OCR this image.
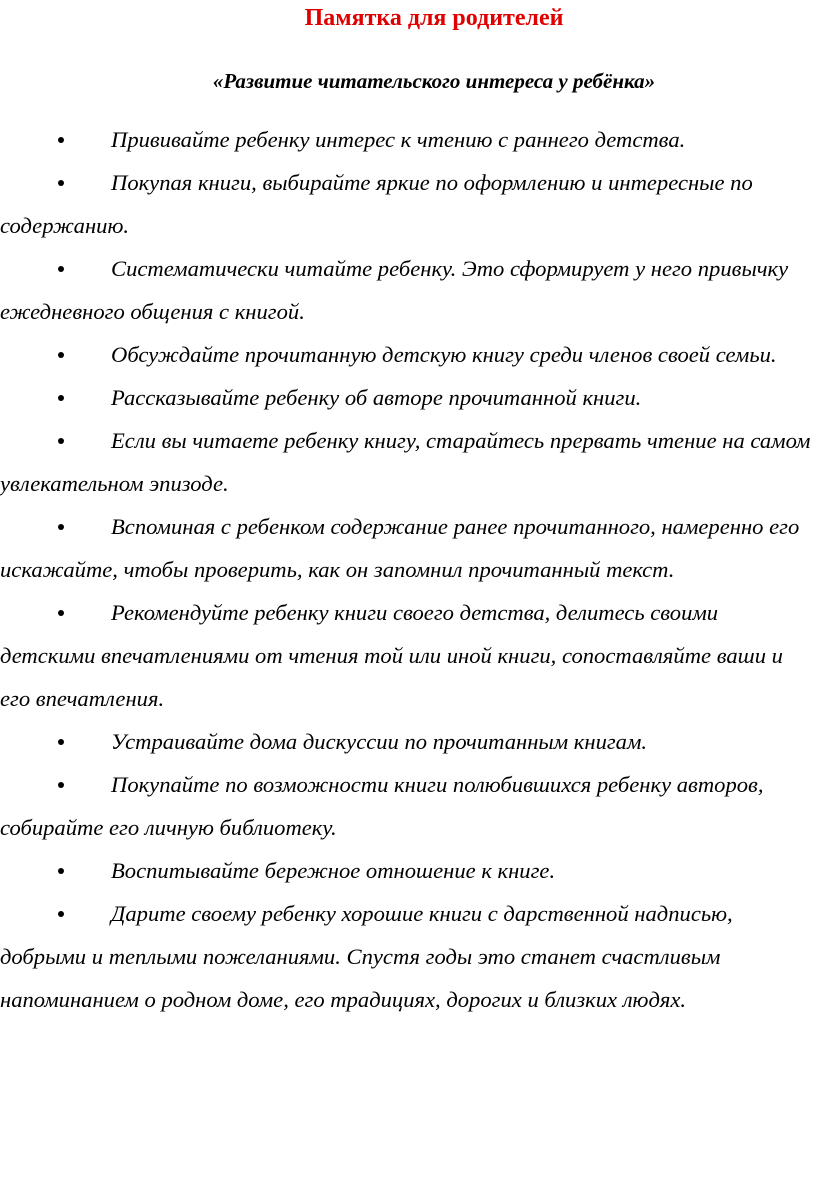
Памятка для родителей
«Развитие читательского интереса у ребёнка»
Прививайте ребенку интерес к чтению с раннего детства.
Покупая книги, выбирайте яркие по оформлению и интересные по содержанию.
Систематически читайте ребенку. Это сформирует у него привычку ежедневного общения с книгой.
Обсуждайте прочитанную детскую книгу среди членов своей семьи.
Рассказывайте ребенку об авторе прочитанной книги.
Если вы читаете ребенку книгу, старайтесь прервать чтение на самом увлекательном эпизоде.
Вспоминая с ребенком содержание ранее прочитанного, намеренно его искажайте, чтобы проверить, как он запомнил прочитанный текст.
Рекомендуйте ребенку книги своего детства, делитесь своими детскими впечатлениями от чтения той или иной книги, сопоставляйте ваши и его впечатления.
Устраивайте дома дискуссии по прочитанным книгам.
Покупайте по возможности книги полюбившихся ребенку авторов, собирайте его личную библиотеку.
Воспитывайте бережное отношение к книге.
Дарите своему ребенку хорошие книги с дарственной надписью, добрыми и теплыми пожеланиями. Спустя годы это станет счастливым напоминанием о родном доме, его традициях, дорогих и близких людях.
